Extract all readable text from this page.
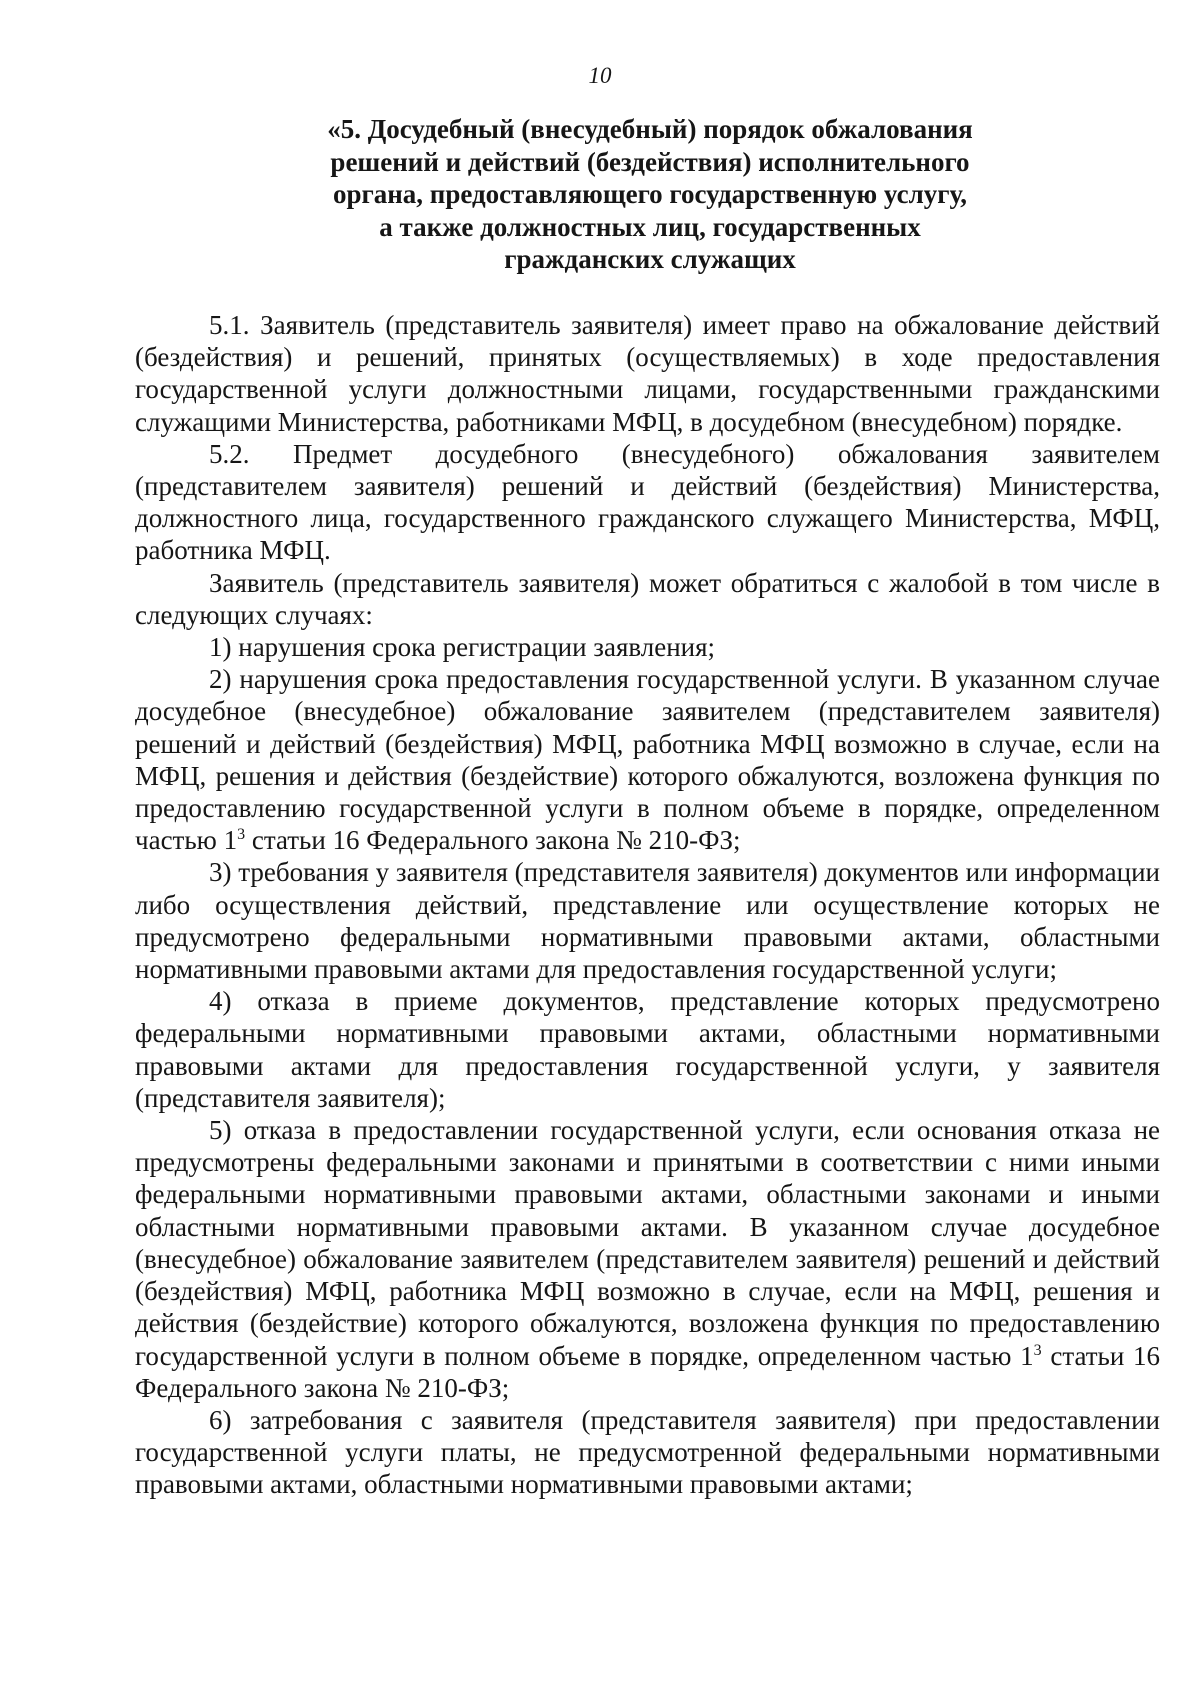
10
«5. Досудебный (внесудебный) порядок обжалования
решений и действий (бездействия) исполнительного
органа, предоставляющего государственную услугу,
а также должностных лиц, государственных
гражданских служащих

5.1. Заявитель (представитель заявителя) имеет право на обжалование действий (бездействия) и решений, принятых (осуществляемых) в ходе предоставления государственной услуги должностными лицами, государственными гражданскими служащими Министерства, работниками МФЦ, в досудебном (внесудебном) порядке.

5.2. Предмет досудебного (внесудебного) обжалования заявителем (представителем заявителя) решений и действий (бездействия) Министерства, должностного лица, государственного гражданского служащего Министерства, МФЦ, работника МФЦ.

Заявитель (представитель заявителя) может обратиться с жалобой в том числе в следующих случаях:

1) нарушения срока регистрации заявления;

2) нарушения срока предоставления государственной услуги. В указанном случае досудебное (внесудебное) обжалование заявителем (представителем заявителя) решений и действий (бездействия) МФЦ, работника МФЦ возможно в случае, если на МФЦ, решения и действия (бездействие) которого обжалуются, возложена функция по предоставлению государственной услуги в полном объеме в порядке, определенном частью $1^3$ статьи 16 Федерального закона № 210-ФЗ;

3) требования у заявителя (представителя заявителя) документов или информации либо осуществления действий, представление или осуществление которых не предусмотрено федеральными нормативными правовыми актами, областными нормативными правовыми актами для предоставления государственной услуги;

4) отказа в приеме документов, представление которых предусмотрено федеральными нормативными правовыми актами, областными нормативными правовыми актами для предоставления государственной услуги, у заявителя (представителя заявителя);

5) отказа в предоставлении государственной услуги, если основания отказа не предусмотрены федеральными законами и принятыми в соответствии с ними иными федеральными нормативными правовыми актами, областными законами и иными областными нормативными правовыми актами. В указанном случае досудебное (внесудебное) обжалование заявителем (представителем заявителя) решений и действий (бездействия) МФЦ, работника МФЦ возможно в случае, если на МФЦ, решения и действия (бездействие) которого обжалуются, возложена функция по предоставлению государственной услуги в полном объеме в порядке, определенном частью $1^3$ статьи 16 Федерального закона № 210-ФЗ;

6) затребования с заявителя (представителя заявителя) при предоставлении государственной услуги платы, не предусмотренной федеральными нормативными правовыми актами, областными нормативными правовыми актами;
